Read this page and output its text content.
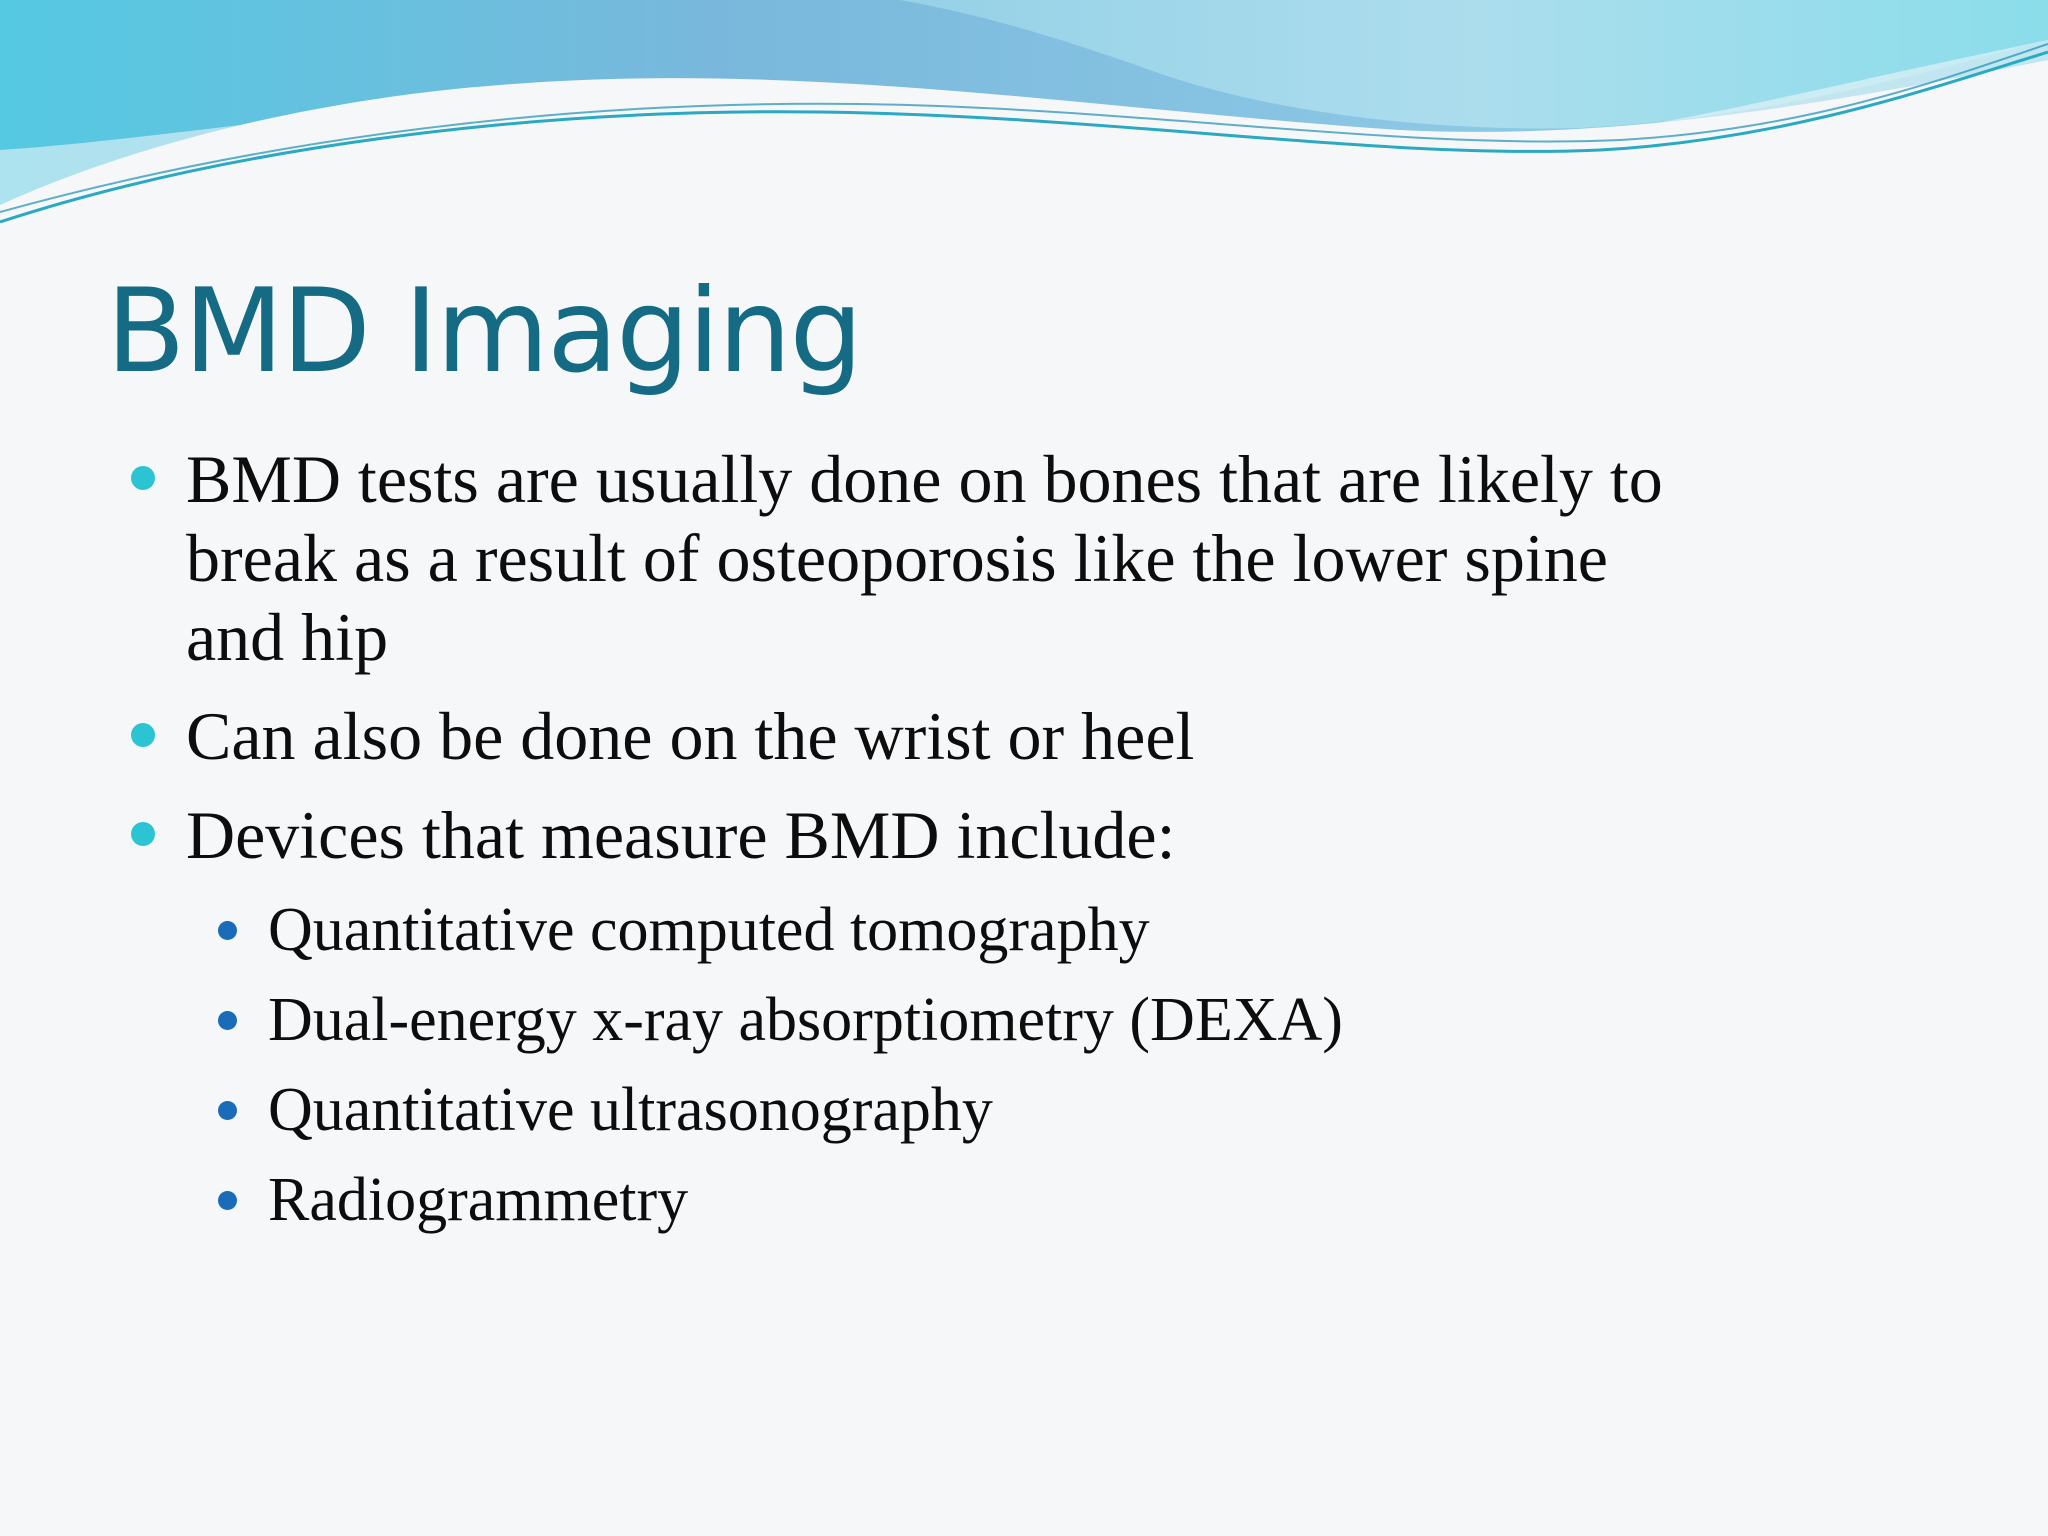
BMD Imaging
BMD tests are usually done on bones that are likely to
break as a result of osteoporosis like the lower spine
and hip
Can also be done on the wrist or heel
Devices that measure BMD include:
Quantitative computed tomography
Dual-energy x-ray absorptiometry (DEXA)
Quantitative ultrasonography
Radiogrammetry
